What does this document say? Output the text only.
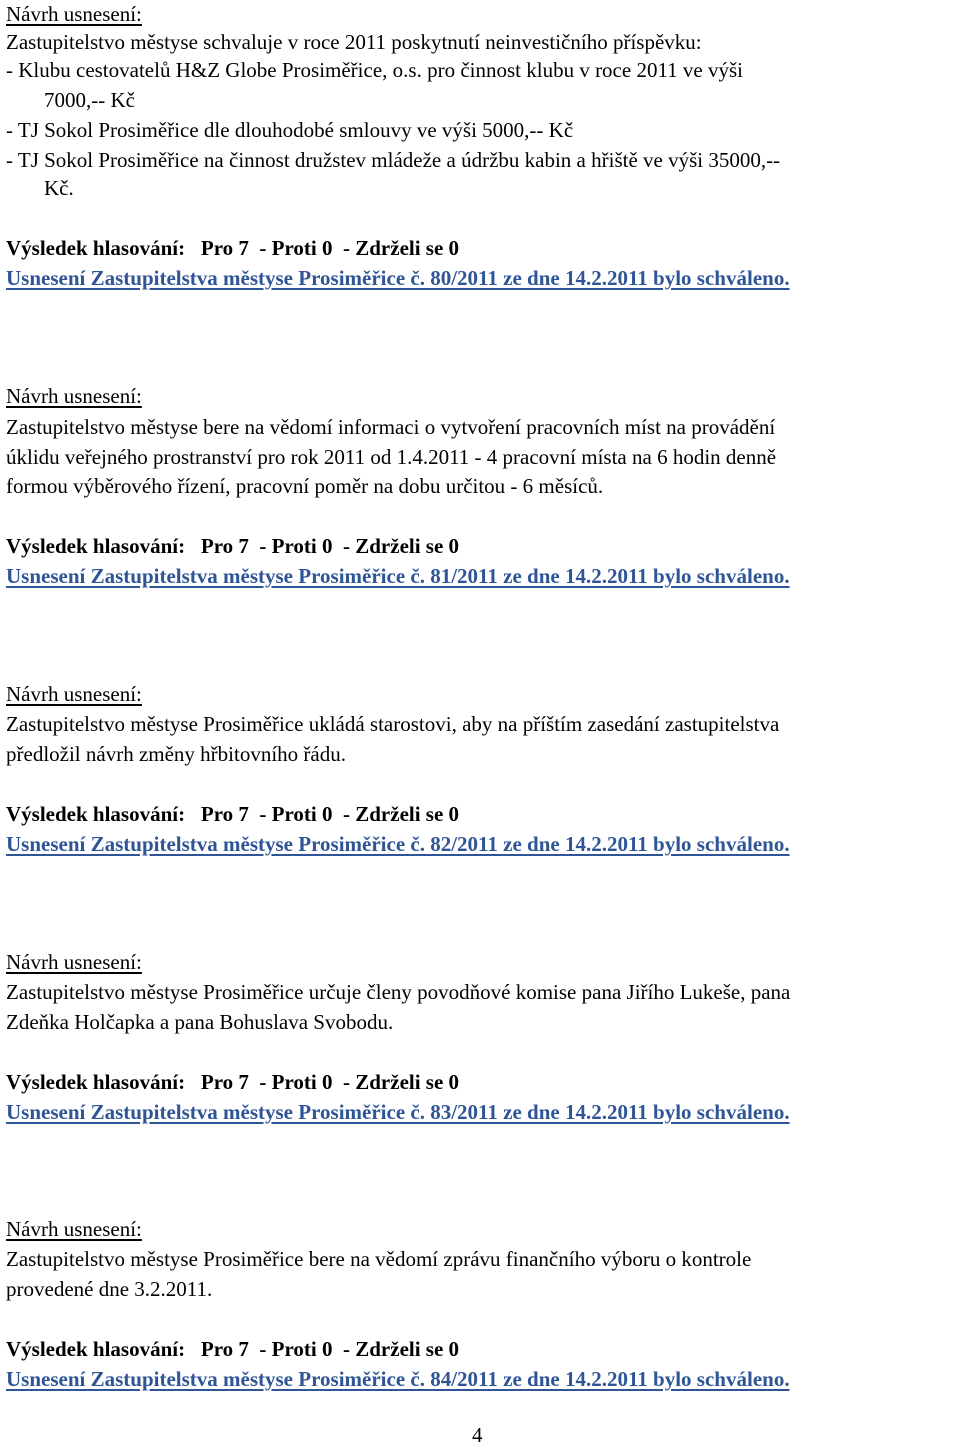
Návrh usnesení:
Zastupitelstvo městyse schvaluje v roce 2011 poskytnutí neinvestičního příspěvku:
- Klubu cestovatelů H&Z Globe Prosiměřice, o.s. pro činnost klubu v roce 2011 ve výši
7000,-- Kč
- TJ Sokol Prosiměřice dle dlouhodobé smlouvy ve výši 5000,-- Kč
- TJ Sokol Prosiměřice na činnost družstev mládeže a údržbu kabin a hřiště ve výši 35000,--
Kč.
Výsledek hlasování: Pro 7 - Proti 0 - Zdrželi se 0
Usnesení Zastupitelstva městyse Prosiměřice č. 80/2011 ze dne 14.2.2011 bylo schváleno.
Návrh usnesení:
Zastupitelstvo městyse bere na vědomí informaci o vytvoření pracovních míst na provádění
úklidu veřejného prostranství pro rok 2011 od 1.4.2011 - 4 pracovní místa na 6 hodin denně
formou výběrového řízení, pracovní poměr na dobu určitou - 6 měsíců.
Výsledek hlasování: Pro 7 - Proti 0 - Zdrželi se 0
Usnesení Zastupitelstva městyse Prosiměřice č. 81/2011 ze dne 14.2.2011 bylo schváleno.
Návrh usnesení:
Zastupitelstvo městyse Prosiměřice ukládá starostovi, aby na příštím zasedání zastupitelstva
předložil návrh změny hřbitovního řádu.
Výsledek hlasování: Pro 7 - Proti 0 - Zdrželi se 0
Usnesení Zastupitelstva městyse Prosiměřice č. 82/2011 ze dne 14.2.2011 bylo schváleno.
Návrh usnesení:
Zastupitelstvo městyse Prosiměřice určuje členy povodňové komise pana Jiřího Lukeše, pana
Zdeňka Holčapka a pana Bohuslava Svobodu.
Výsledek hlasování: Pro 7 - Proti 0 - Zdrželi se 0
Usnesení Zastupitelstva městyse Prosiměřice č. 83/2011 ze dne 14.2.2011 bylo schváleno.
Návrh usnesení:
Zastupitelstvo městyse Prosiměřice bere na vědomí zprávu finančního výboru o kontrole
provedené dne 3.2.2011.
Výsledek hlasování: Pro 7 - Proti 0 - Zdrželi se 0
Usnesení Zastupitelstva městyse Prosiměřice č. 84/2011 ze dne 14.2.2011 bylo schváleno.
4
